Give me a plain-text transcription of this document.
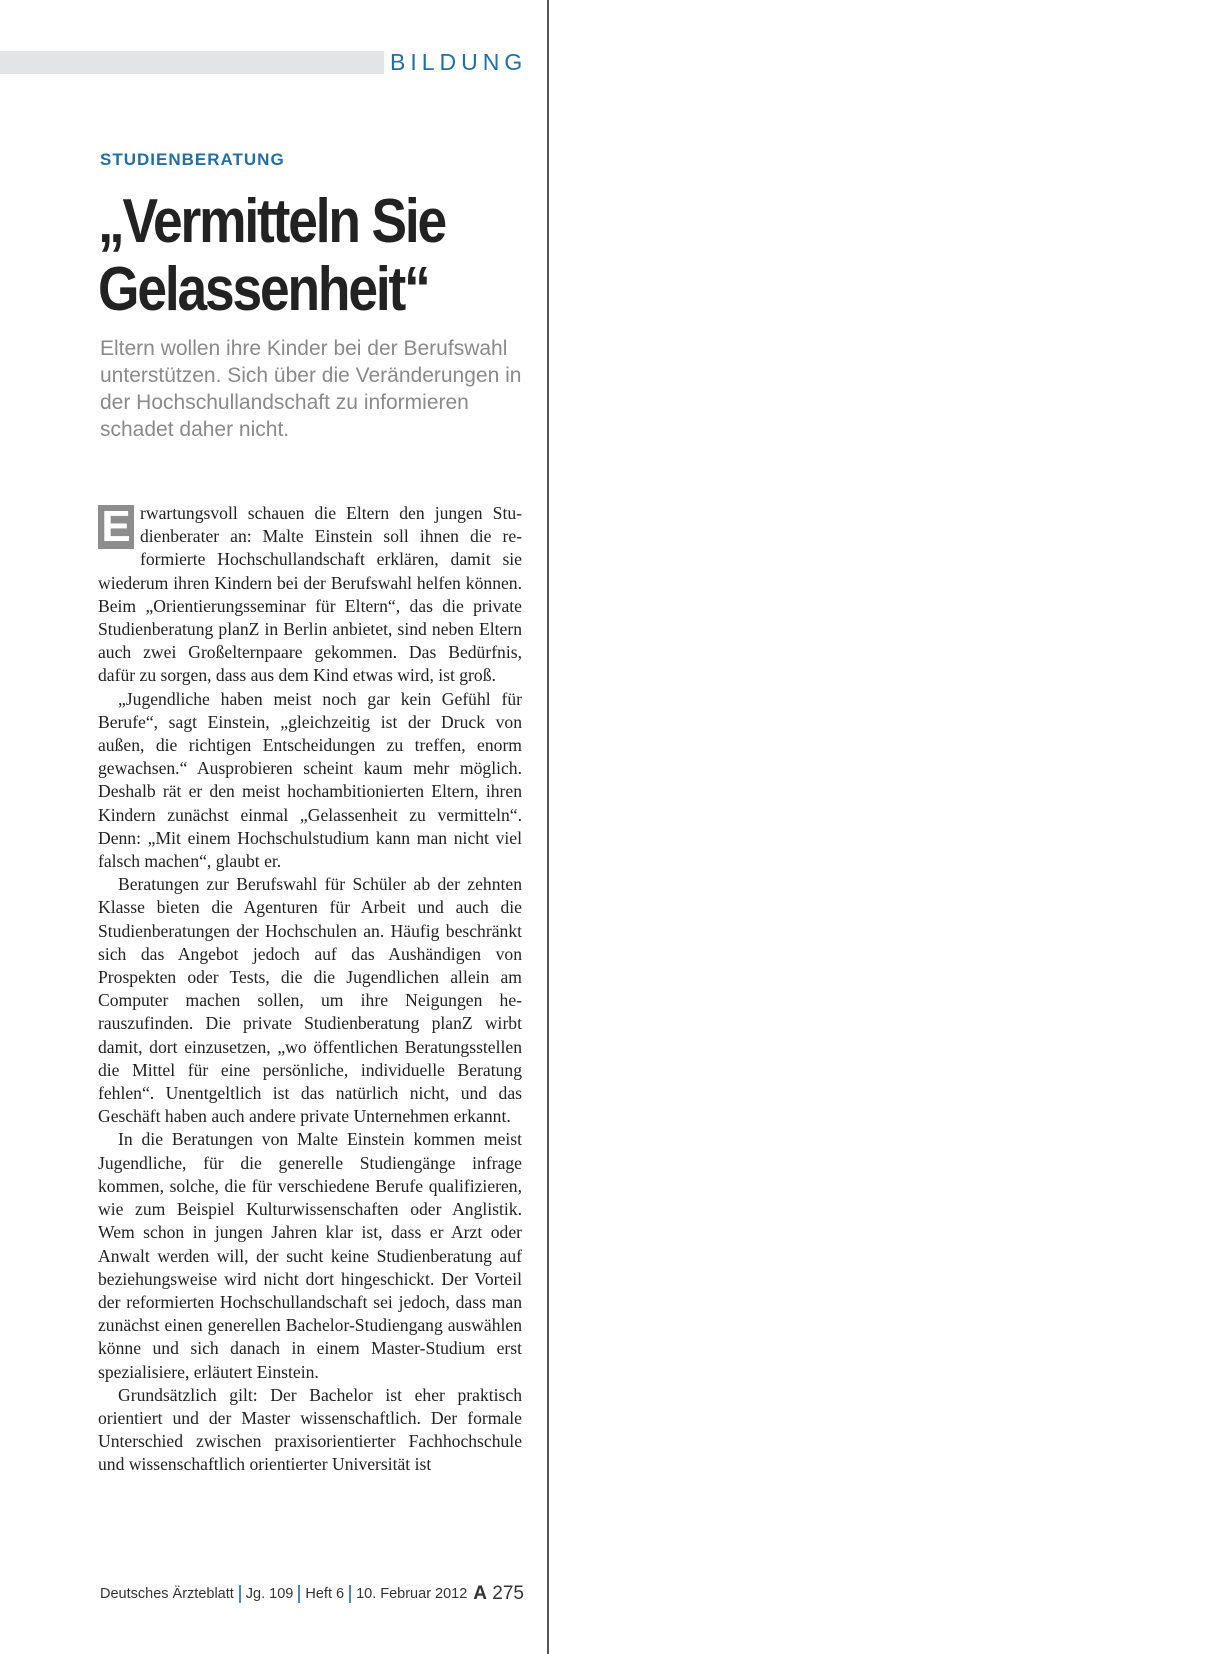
BILDUNG
STUDIENBERATUNG
„Vermitteln Sie
Gelassenheit“
Eltern wollen ihre Kinder bei der Berufswahl unterstützen. Sich über die Veränderungen in der Hochschullandschaft zu informieren schadet daher nicht.

E rwartungsvoll schauen die Eltern den jungen Studienberater an: Malte Einstein soll ihnen die reformierte Hochschullandschaft erklären, damit sie wiederum ihren Kindern bei der Berufswahl helfen können. Beim „Orientierungsseminar für Eltern“, das die private Studienberatung planZ in Berlin anbietet, sind neben Eltern auch zwei Großelternpaare gekommen. Das Bedürfnis, dafür zu sorgen, dass aus dem Kind etwas wird, ist groß.

„Jugendliche haben meist noch gar kein Gefühl für Berufe“, sagt Einstein, „gleichzeitig ist der Druck von außen, die richtigen Entscheidungen zu treffen, enorm gewachsen.“ Ausprobieren scheint kaum mehr möglich. Deshalb rät er den meist hochambitionierten Eltern, ihren Kindern zunächst einmal „Gelassenheit zu vermitteln“. Denn: „Mit einem Hochschulstudium kann man nicht viel falsch machen“, glaubt er.

Beratungen zur Berufswahl für Schüler ab der zehnten Klasse bieten die Agenturen für Arbeit und auch die Studienberatungen der Hochschulen an. Häufig beschränkt sich das Angebot jedoch auf das Aushändigen von Prospekten oder Tests, die die Jugendlichen allein am Computer machen sollen, um ihre Neigungen herauszufinden. Die private Studienberatung planZ wirbt damit, dort einzusetzen, „wo öffentlichen Beratungsstellen die Mittel für eine persönliche, individuelle Beratung fehlen“. Unentgeltlich ist das natürlich nicht, und das Geschäft haben auch andere private Unternehmen erkannt.

In die Beratungen von Malte Einstein kommen meist Jugendliche, für die generelle Studiengänge infrage kommen, solche, die für verschiedene Berufe qualifizieren, wie zum Beispiel Kulturwissenschaften oder Anglistik. Wem schon in jungen Jahren klar ist, dass er Arzt oder Anwalt werden will, der sucht keine Studienberatung auf beziehungsweise wird nicht dort hingeschickt. Der Vorteil der reformierten Hochschullandschaft sei jedoch, dass man zunächst einen generellen Bachelor-Studiengang auswählen könne und sich danach in einem Master-Studium erst spezialisiere, erläutert Einstein.

Grundsätzlich gilt: Der Bachelor ist eher praktisch orientiert und der Master wissenschaftlich. Der formale Unterschied zwischen praxisorientierter Fachhochschule und wissenschaftlich orientierter Universität ist

Deutsches Ärzteblatt Jg. 109 Heft 6 10. Februar 2012 A 275
